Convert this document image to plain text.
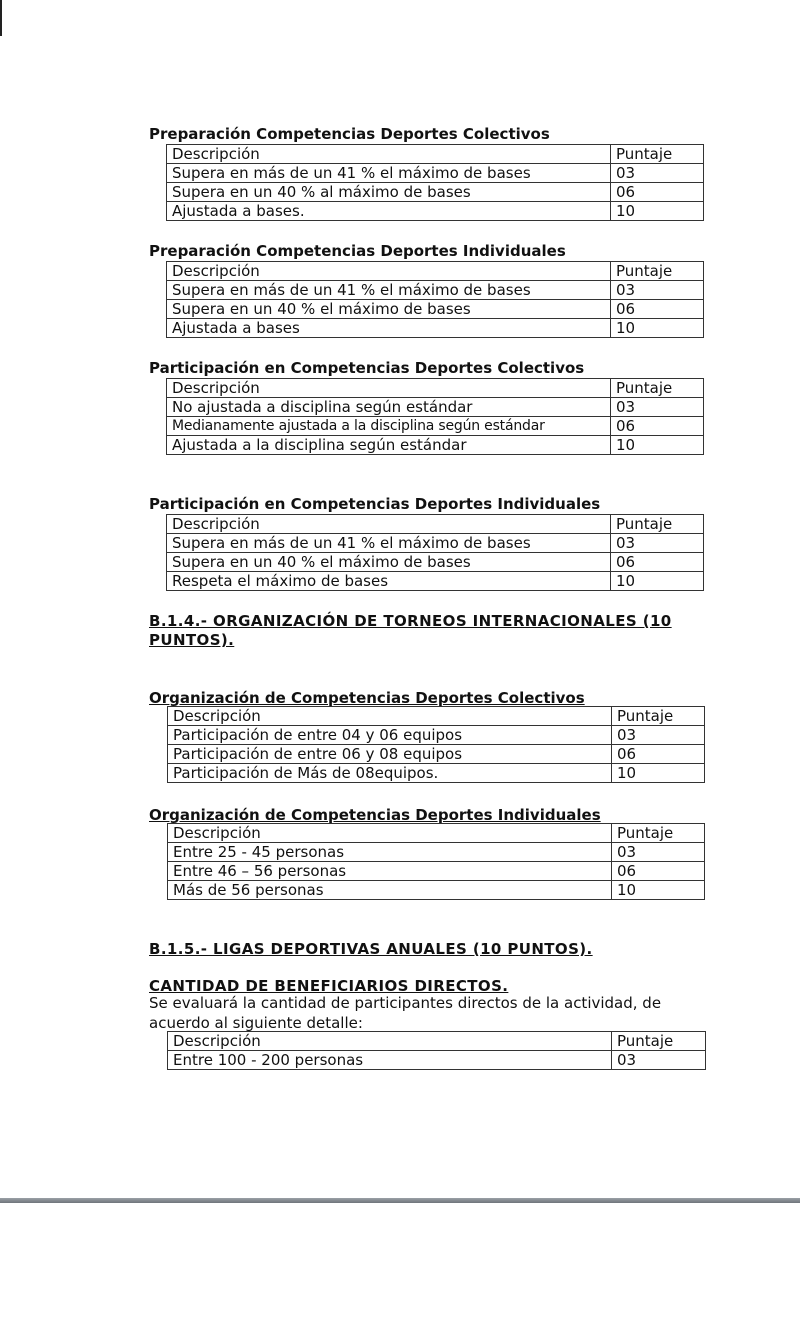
Preparación Competencias Deportes Colectivos
Descripción	Puntaje
Supera en más de un 41 % el máximo de bases	03
Supera en un 40 % al máximo de bases	06
Ajustada a bases.	10
Preparación Competencias Deportes Individuales
Descripción	Puntaje
Supera en más de un 41 % el máximo de bases	03
Supera en un 40 % el máximo de bases	06
Ajustada a bases	10
Participación en Competencias Deportes Colectivos
Descripción	Puntaje
No ajustada a disciplina según estándar	03
Medianamente ajustada a la disciplina según estándar	06
Ajustada a la disciplina según estándar	10
Participación en Competencias Deportes Individuales
Descripción	Puntaje
Supera en más de un 41 % el máximo de bases	03
Supera en un 40 % el máximo de bases	06
Respeta el máximo de bases	10
B.1.4.- ORGANIZACIÓN DE TORNEOS INTERNACIONALES (10 PUNTOS).
Organización de Competencias Deportes Colectivos
Descripción	Puntaje
Participación de entre 04 y 06 equipos	03
Participación de entre 06 y 08 equipos	06
Participación de Más de 08equipos.	10
Organización de Competencias Deportes Individuales
Descripción	Puntaje
Entre 25 - 45 personas	03
Entre 46 – 56 personas	06
Más de 56 personas	10
B.1.5.- LIGAS DEPORTIVAS ANUALES (10 PUNTOS).
CANTIDAD DE BENEFICIARIOS DIRECTOS.

Se evaluará la cantidad de participantes directos de la actividad, de acuerdo al siguiente detalle:

Descripción	Puntaje
Entre 100 - 200 personas	03
